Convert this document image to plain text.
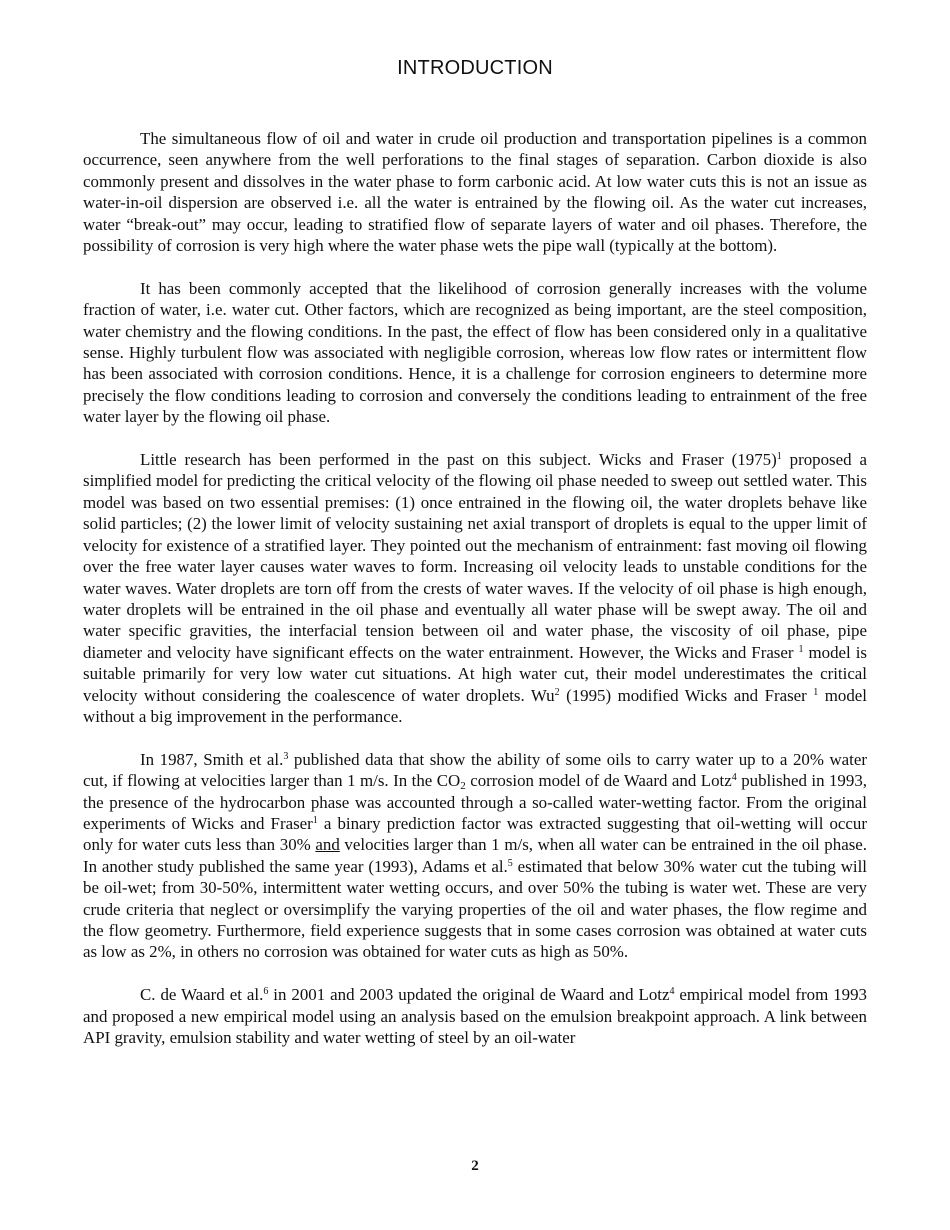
INTRODUCTION

The simultaneous flow of oil and water in crude oil production and transportation pipelines is a common occurrence, seen anywhere from the well perforations to the final stages of separation. Carbon dioxide is also commonly present and dissolves in the water phase to form carbonic acid. At low water cuts this is not an issue as water-in-oil dispersion are observed i.e. all the water is entrained by the flowing oil. As the water cut increases, water “break-out” may occur, leading to stratified flow of separate layers of water and oil phases. Therefore, the possibility of corrosion is very high where the water phase wets the pipe wall (typically at the bottom).

It has been commonly accepted that the likelihood of corrosion generally increases with the volume fraction of water, i.e. water cut. Other factors, which are recognized as being important, are the steel composition, water chemistry and the flowing conditions. In the past, the effect of flow has been considered only in a qualitative sense. Highly turbulent flow was associated with negligible corrosion, whereas low flow rates or intermittent flow has been associated with corrosion conditions. Hence, it is a challenge for corrosion engineers to determine more precisely the flow conditions leading to corrosion and conversely the conditions leading to entrainment of the free water layer by the flowing oil phase.

Little research has been performed in the past on this subject. Wicks and Fraser $(1975)^1$ proposed a simplified model for predicting the critical velocity of the flowing oil phase needed to sweep out settled water. This model was based on two essential premises: (1) once entrained in the flowing oil, the water droplets behave like solid particles; (2) the lower limit of velocity sustaining net axial transport of droplets is equal to the upper limit of velocity for existence of a stratified layer. They pointed out the mechanism of entrainment: fast moving oil flowing over the free water layer causes water waves to form. Increasing oil velocity leads to unstable conditions for the water waves. Water droplets are torn off from the crests of water waves. If the velocity of oil phase is high enough, water droplets will be entrained in the oil phase and eventually all water phase will be swept away. The oil and water specific gravities, the interfacial tension between oil and water phase, the viscosity of oil phase, pipe diameter and velocity have significant effects on the water entrainment. However, the Wicks and Fraser $^1$ model is suitable primarily for very low water cut situations. At high water cut, their model underestimates the critical velocity without considering the coalescence of water droplets. Wu$^2$ (1995) modified Wicks and Fraser $^1$ model without a big improvement in the performance.

In 1987, Smith et al.$^3$ published data that show the ability of some oils to carry water up to a 20% water cut, if flowing at velocities larger than 1 m/s. In the $CO_2$ corrosion model of de Waard and Lotz$^4$ published in 1993, the presence of the hydrocarbon phase was accounted through a so-called water-wetting factor. From the original experiments of Wicks and Fraser$^1$ a binary prediction factor was extracted suggesting that oil-wetting will occur only for water cuts less than 30% and velocities larger than 1 m/s, when all water can be entrained in the oil phase. In another study published the same year (1993), Adams et al.$^5$ estimated that below 30% water cut the tubing will be oil-wet; from 30-50%, intermittent water wetting occurs, and over 50% the tubing is water wet. These are very crude criteria that neglect or oversimplify the varying properties of the oil and water phases, the flow regime and the flow geometry. Furthermore, field experience suggests that in some cases corrosion was obtained at water cuts as low as 2%, in others no corrosion was obtained for water cuts as high as 50%.

C. de Waard et al.$^6$ in 2001 and 2003 updated the original de Waard and Lotz$^4$ empirical model from 1993 and proposed a new empirical model using an analysis based on the emulsion breakpoint approach. A link between API gravity, emulsion stability and water wetting of steel by an oil-water

2
